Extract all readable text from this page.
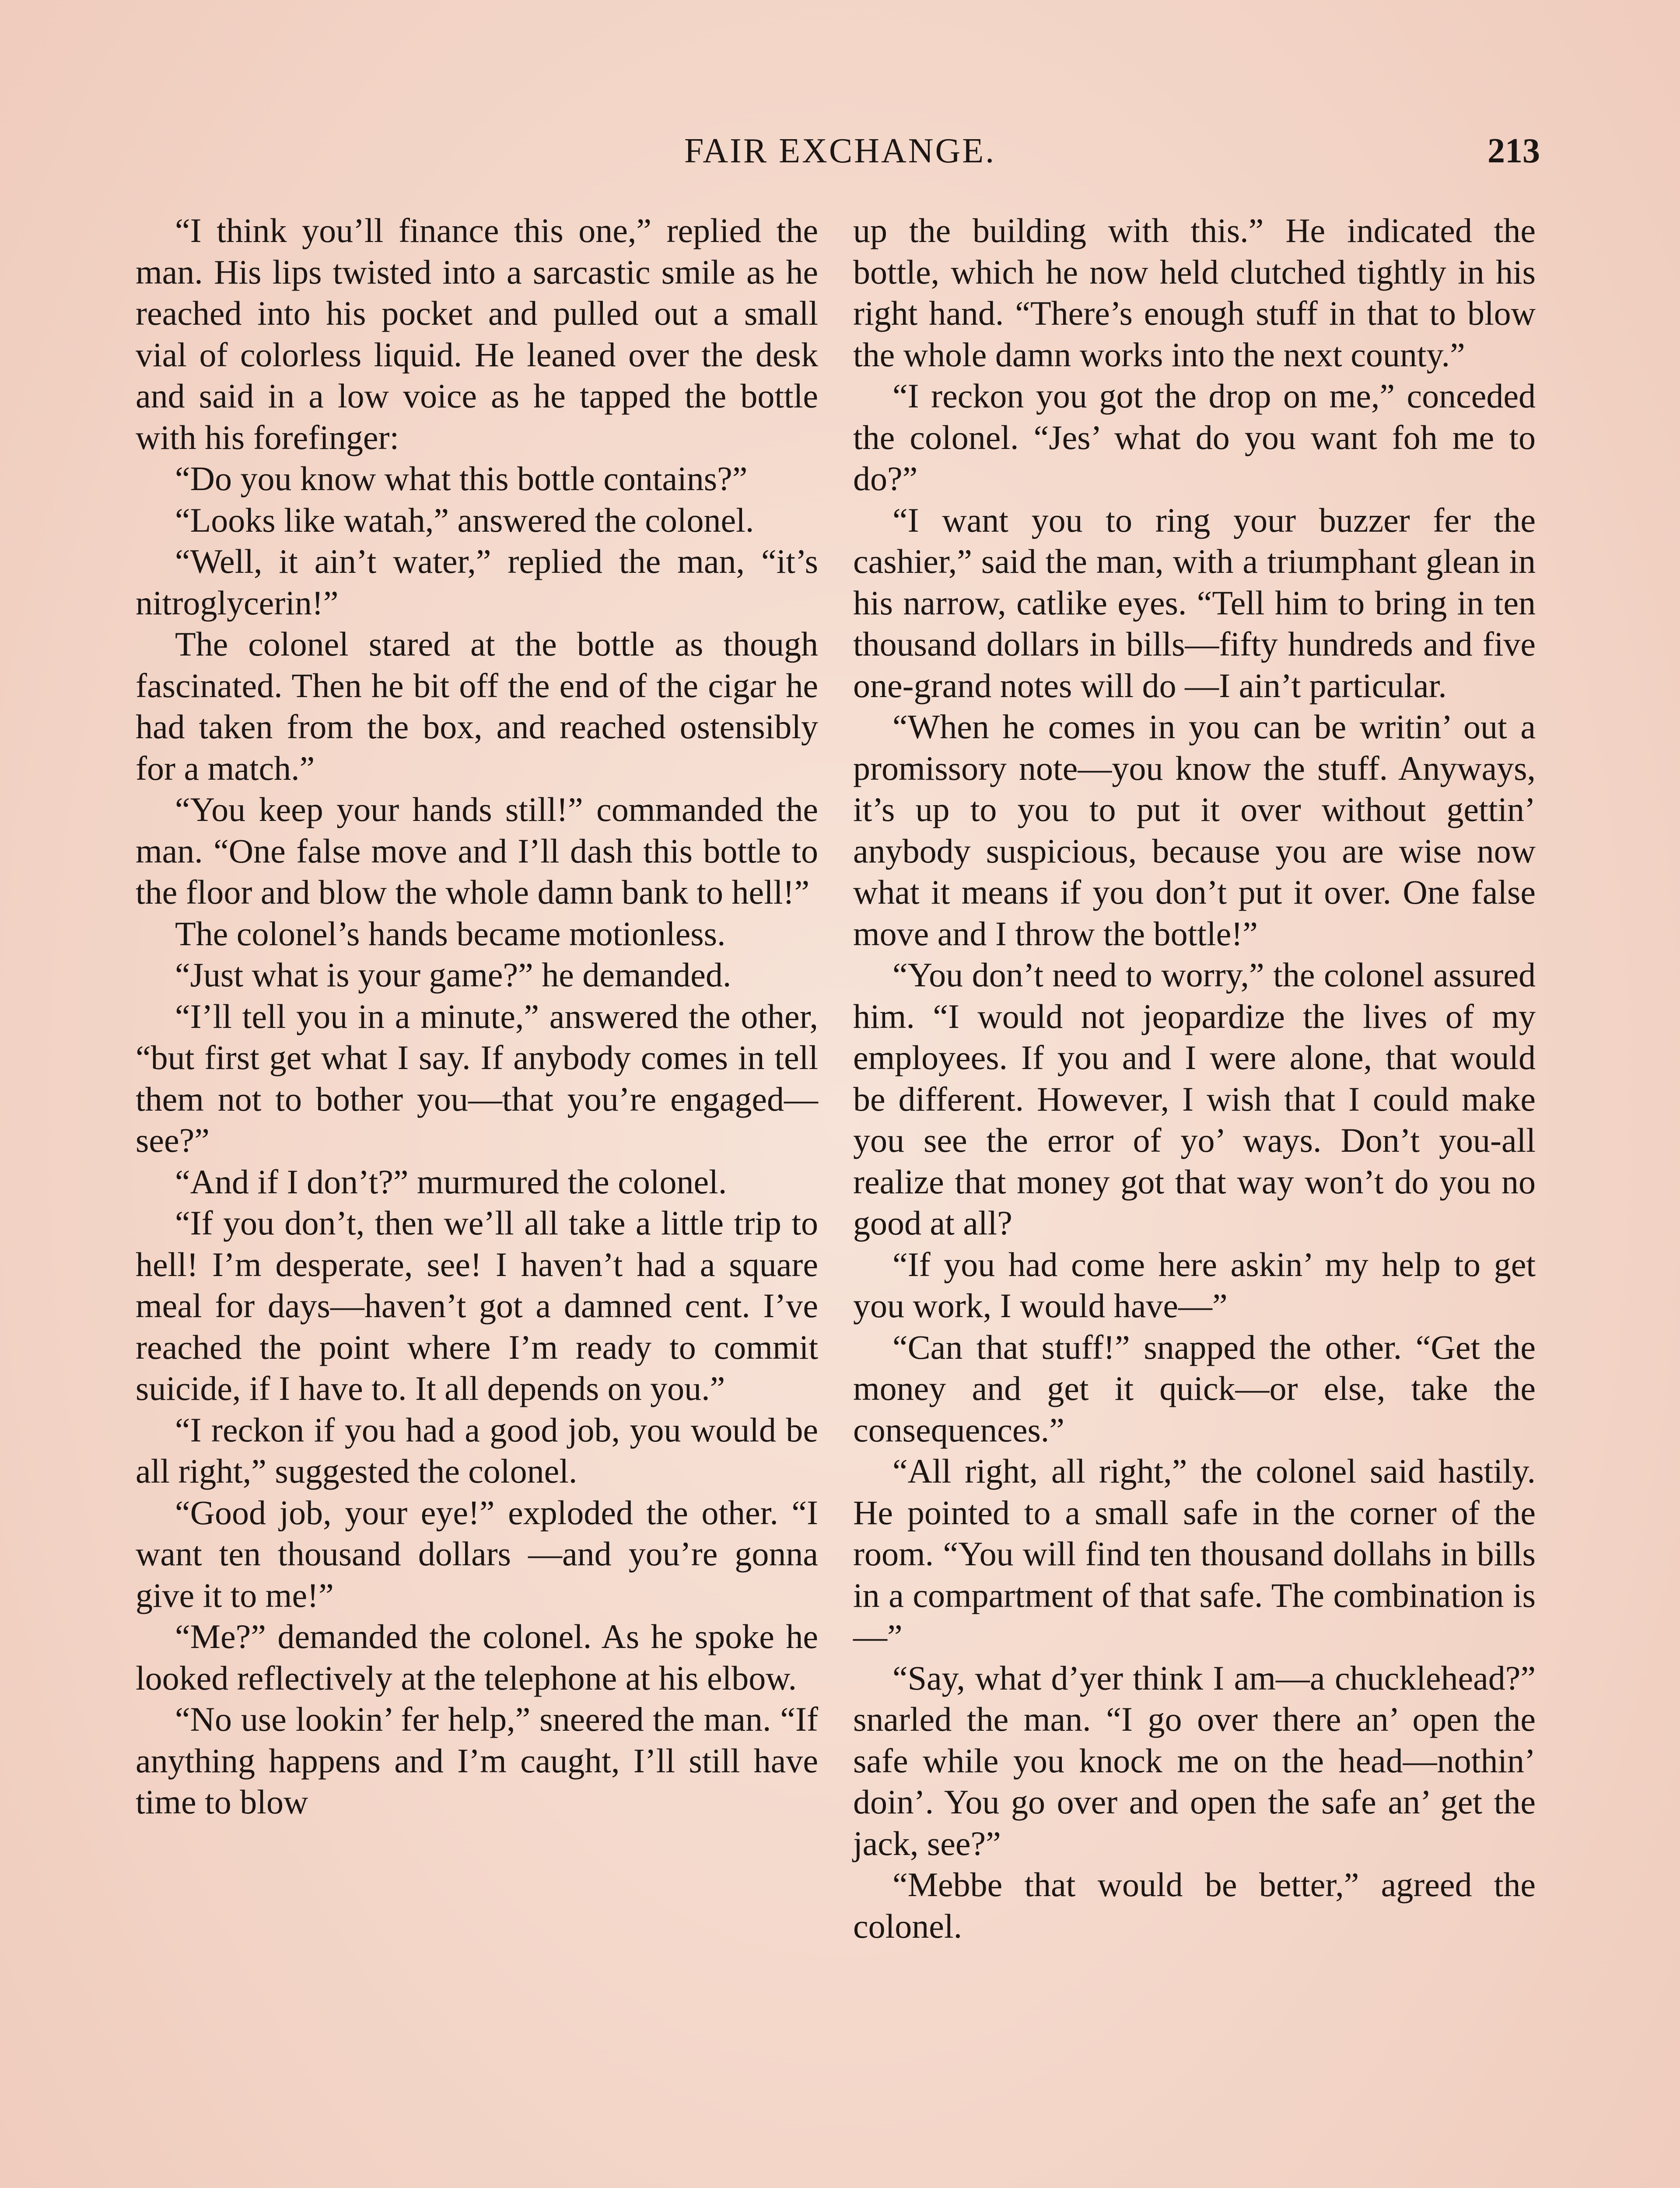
FAIR EXCHANGE.	213

“I think you’ll finance this one,” replied the man. His lips twisted into a sarcastic smile as he reached into his pocket and pulled out a small vial of colorless liquid. He leaned over the desk and said in a low voice as he tapped the bottle with his forefinger:

“Do you know what this bottle contains?”

“Looks like watah,” answered the colonel.

“Well, it ain’t water,” replied the man, “it’s nitroglycerin!”

The colonel stared at the bottle as though fascinated. Then he bit off the end of the cigar he had taken from the box, and reached ostensibly for a match.”

“You keep your hands still!” commanded the man. “One false move and I’ll dash this bottle to the floor and blow the whole damn bank to hell!”

The colonel’s hands became motionless.

“Just what is your game?” he demanded.

“I’ll tell you in a minute,” answered the other, “but first get what I say. If anybody comes in tell them not to bother you—that you’re engaged—see?”

“And if I don’t?” murmured the colonel.

“If you don’t, then we’ll all take a little trip to hell! I’m desperate, see! I haven’t had a square meal for days—haven’t got a damned cent. I’ve reached the point where I’m ready to commit suicide, if I have to. It all depends on you.”

“I reckon if you had a good job, you would be all right,” suggested the colonel.

“Good job, your eye!” exploded the other. “I want ten thousand dollars —and you’re gonna give it to me!”

“Me?” demanded the colonel. As he spoke he looked reflectively at the telephone at his elbow.

“No use lookin’ fer help,” sneered the man. “If anything happens and I’m caught, I’ll still have time to blow

up the building with this.” He indicated the bottle, which he now held clutched tightly in his right hand. “There’s enough stuff in that to blow the whole damn works into the next county.”

“I reckon you got the drop on me,” conceded the colonel. “Jes’ what do you want foh me to do?”

“I want you to ring your buzzer fer the cashier,” said the man, with a triumphant glean in his narrow, catlike eyes. “Tell him to bring in ten thousand dollars in bills—fifty hundreds and five one-grand notes will do —I ain’t particular.

“When he comes in you can be writin’ out a promissory note—you know the stuff. Anyways, it’s up to you to put it over without gettin’ anybody suspicious, because you are wise now what it means if you don’t put it over. One false move and I throw the bottle!”

“You don’t need to worry,” the colonel assured him. “I would not jeopardize the lives of my employees. If you and I were alone, that would be different. However, I wish that I could make you see the error of yo’ ways. Don’t you-all realize that money got that way won’t do you no good at all?

“If you had come here askin’ my help to get you work, I would have—”

“Can that stuff!” snapped the other. “Get the money and get it quick—or else, take the consequences.”

“All right, all right,” the colonel said hastily. He pointed to a small safe in the corner of the room. “You will find ten thousand dollahs in bills in a compartment of that safe. The combination is—”

“Say, what d’yer think I am—a chucklehead?” snarled the man. “I go over there an’ open the safe while you knock me on the head—nothin’ doin’. You go over and open the safe an’ get the jack, see?”

“Mebbe that would be better,” agreed the colonel.
